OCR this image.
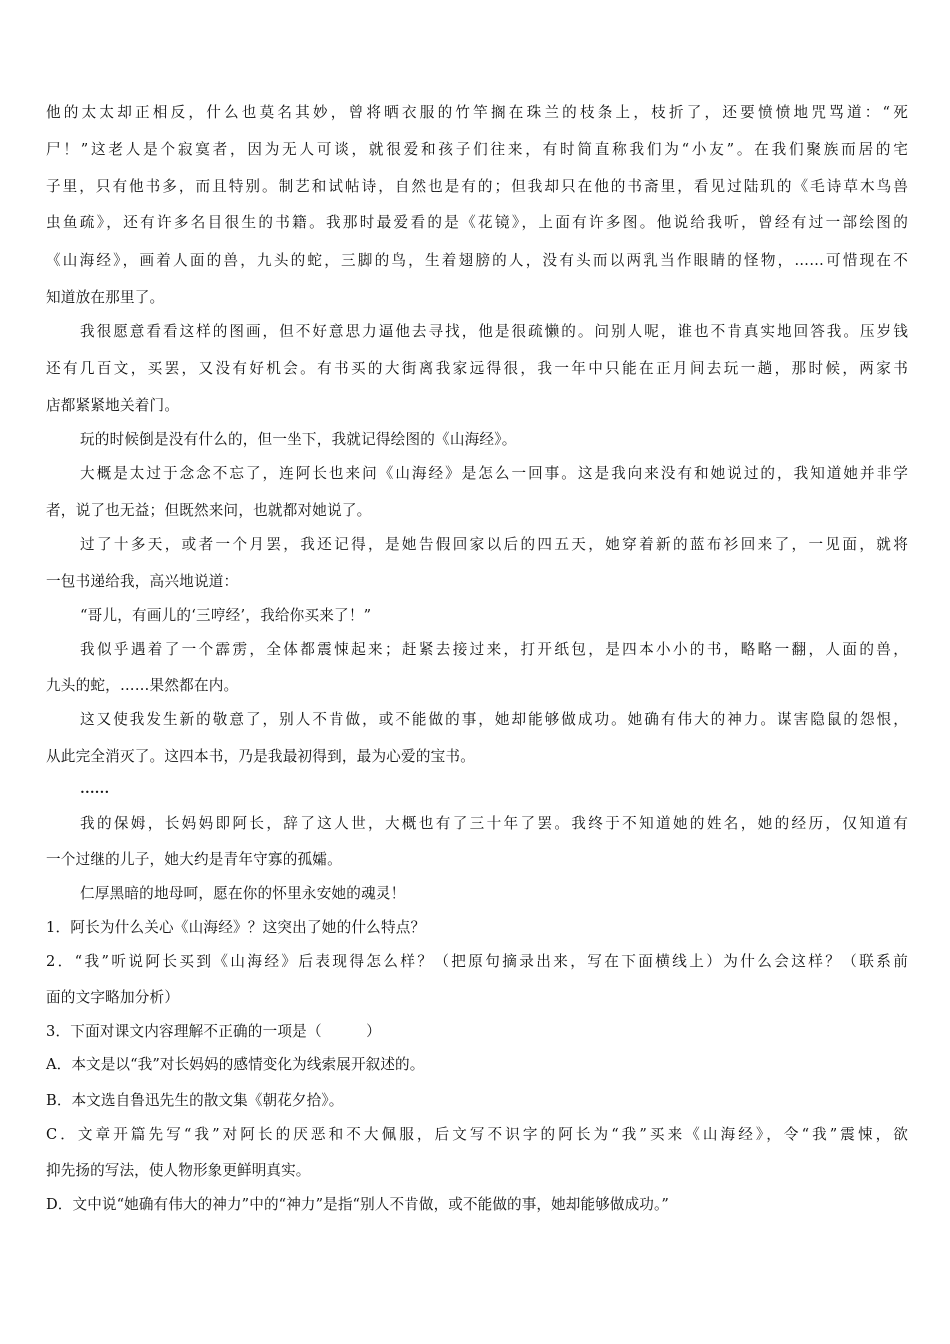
他的太太却正相反，什么也莫名其妙，曾将晒衣服的竹竿搁在珠兰的枝条上，枝折了，还要愤愤地咒骂道：“死
尸！”这老人是个寂寞者，因为无人可谈，就很爱和孩子们往来，有时简直称我们为“小友”。在我们聚族而居的宅
子里，只有他书多，而且特别。制艺和试帖诗，自然也是有的；但我却只在他的书斋里，看见过陆玑的《毛诗草木鸟兽
虫鱼疏》，还有许多名目很生的书籍。我那时最爱看的是《花镜》，上面有许多图。他说给我听，曾经有过一部绘图的
《山海经》，画着人面的兽，九头的蛇，三脚的鸟，生着翅膀的人，没有头而以两乳当作眼睛的怪物，……可惜现在不
知道放在那里了。
我很愿意看看这样的图画，但不好意思力逼他去寻找，他是很疏懒的。问别人呢，谁也不肯真实地回答我。压岁钱
还有几百文，买罢，又没有好机会。有书买的大街离我家远得很，我一年中只能在正月间去玩一趟，那时候，两家书
店都紧紧地关着门。
玩的时候倒是没有什么的，但一坐下，我就记得绘图的《山海经》。
大概是太过于念念不忘了，连阿长也来问《山海经》是怎么一回事。这是我向来没有和她说过的，我知道她并非学
者，说了也无益；但既然来问，也就都对她说了。
过了十多天，或者一个月罢，我还记得，是她告假回家以后的四五天，她穿着新的蓝布衫回来了，一见面，就将
一包书递给我，高兴地说道：
“哥儿，有画儿的‘三哼经’，我给你买来了！”
我似乎遇着了一个霹雳，全体都震悚起来；赶紧去接过来，打开纸包，是四本小小的书，略略一翻，人面的兽，
九头的蛇，……果然都在内。
这又使我发生新的敬意了，别人不肯做，或不能做的事，她却能够做成功。她确有伟大的神力。谋害隐鼠的怨恨，
从此完全消灭了。这四本书，乃是我最初得到，最为心爱的宝书。
……
我的保姆，长妈妈即阿长，辞了这人世，大概也有了三十年了罢。我终于不知道她的姓名，她的经历，仅知道有
一个过继的儿子，她大约是青年守寡的孤孀。
仁厚黑暗的地母呵，愿在你的怀里永安她的魂灵！
1．阿长为什么关心《山海经》？这突出了她的什么特点？
2．“我”听说阿长买到《山海经》后表现得怎么样？（把原句摘录出来，写在下面横线上）为什么会这样？（联系前
面的文字略加分析）
3．下面对课文内容理解不正确的一项是（　　　）
A．本文是以“我”对长妈妈的感情变化为线索展开叙述的。
B．本文选自鲁迅先生的散文集《朝花夕拾》。
C．文章开篇先写“我”对阿长的厌恶和不大佩服，后文写不识字的阿长为“我”买来《山海经》，令“我”震悚，欲
抑先扬的写法，使人物形象更鲜明真实。
D．文中说“她确有伟大的神力”中的“神力”是指“别人不肯做，或不能做的事，她却能够做成功。”
